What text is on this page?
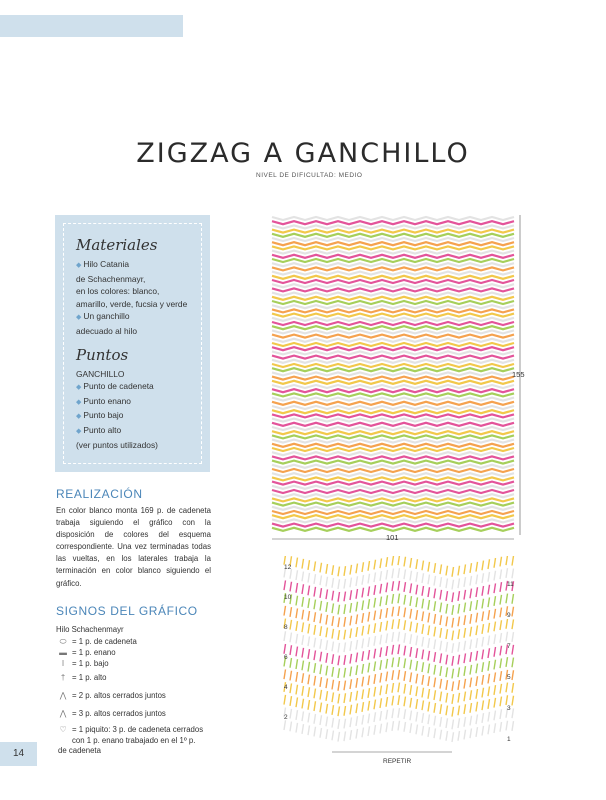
ZIGZAG A GANCHILLO
NIVEL DE DIFICULTAD: MEDIO
Materiales
◆ Hilo Catania
de Schachenmayr,
en los colores: blanco,
amarillo, verde, fucsia y verde
◆ Un ganchillo
adecuado al hilo
Puntos
GANCHILLO
◆ Punto de cadeneta
◆ Punto enano
◆ Punto bajo
◆ Punto alto
(ver puntos utilizados)
REALIZACIÓN

En color blanco monta 169 p. de cadeneta trabaja siguiendo el gráfico con la disposición de colores del esquema correspondiente. Una vez terminadas todas las vueltas, en los laterales trabaja la terminación en color blanco siguiendo el gráfico.

SIGNOS DEL GRÁFICO
Hilo Schachenmayr
⬭ = 1 p. de cadeneta
▬ = 1 p. enano
ǀ	= 1 p. bajo
† = 1 p. alto
⋀ = 2 p. altos cerrados juntos
⋀ = 3 p. altos cerrados juntos
♡ = 1 piquito: 3 p. de cadeneta cerrados
con 1 p. enano trabajado en el 1º p.
de cadeneta
14
155
101
REPETIR
12
10
8
6
4
2
11
9
7
5
3
1
